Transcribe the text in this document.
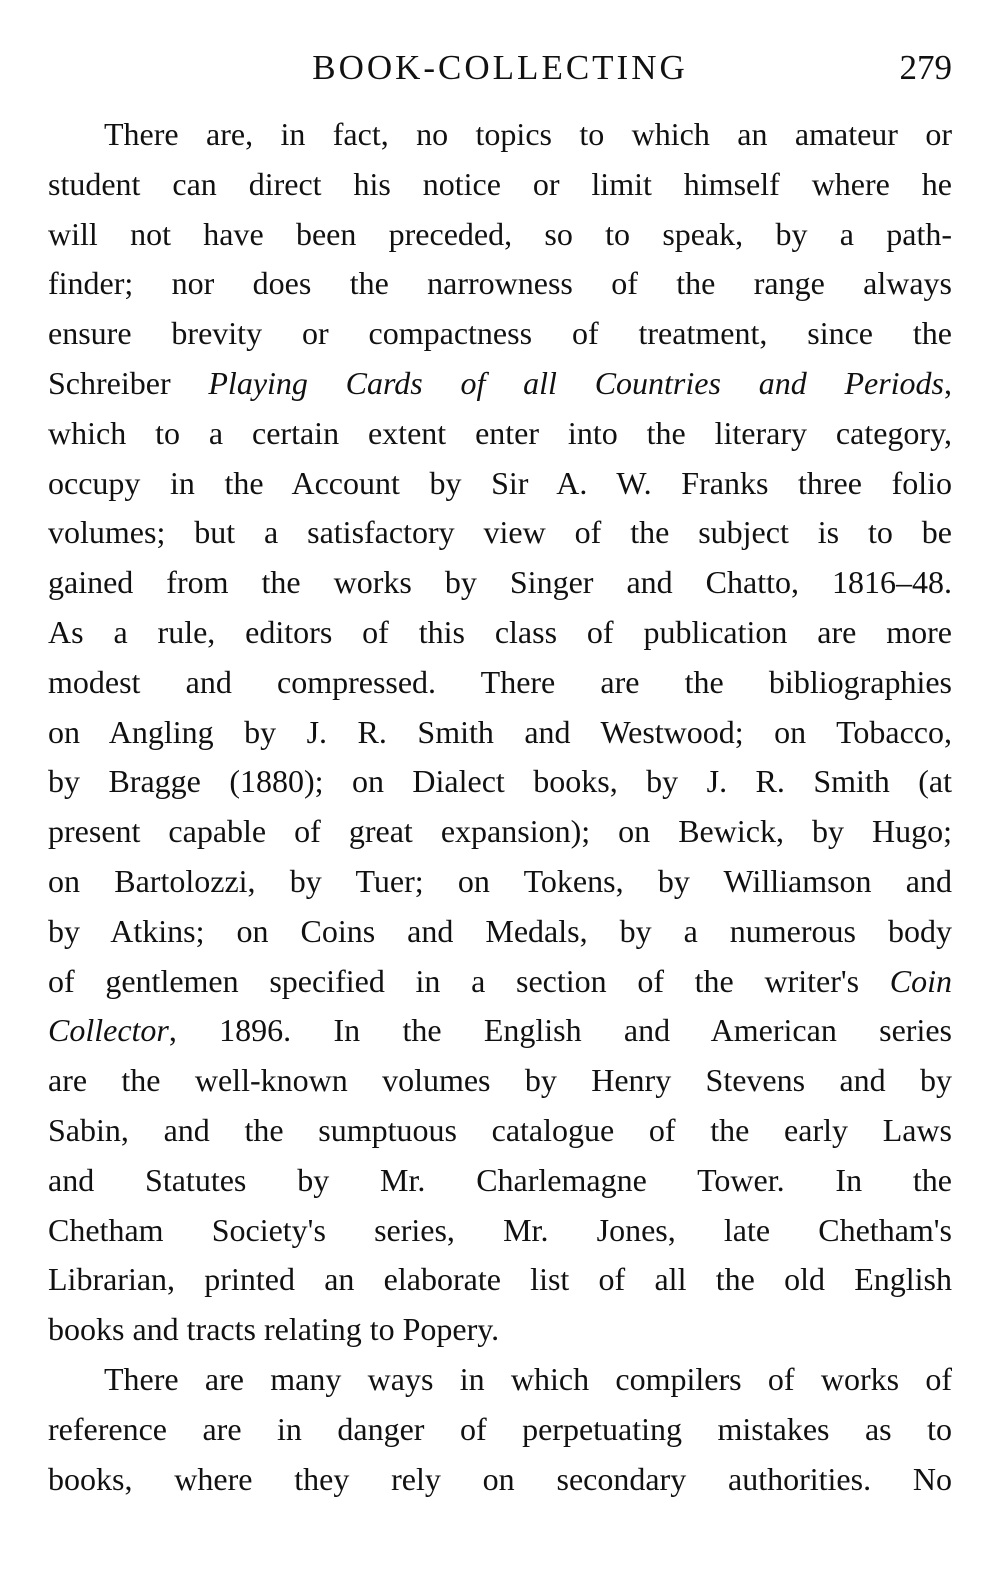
BOOK-COLLECTING	279
There are, in fact, no topics to which an amateur or
student can direct his notice or limit himself where he
will not have been preceded, so to speak, by a path-
finder; nor does the narrowness of the range always
ensure brevity or compactness of treatment, since the
Schreiber Playing Cards of all Countries and Periods,
which to a certain extent enter into the literary category,
occupy in the Account by Sir A. W. Franks three folio
volumes; but a satisfactory view of the subject is to be
gained from the works by Singer and Chatto, 1816–48.
As a rule, editors of this class of publication are more
modest and compressed. There are the bibliographies
on Angling by J. R. Smith and Westwood; on Tobacco,
by Bragge (1880); on Dialect books, by J. R. Smith (at
present capable of great expansion); on Bewick, by Hugo;
on Bartolozzi, by Tuer; on Tokens, by Williamson and
by Atkins; on Coins and Medals, by a numerous body
of gentlemen specified in a section of the writer's Coin
Collector, 1896. In the English and American series
are the well-known volumes by Henry Stevens and by
Sabin, and the sumptuous catalogue of the early Laws
and Statutes by Mr. Charlemagne Tower. In the
Chetham Society's series, Mr. Jones, late Chetham's
Librarian, printed an elaborate list of all the old English
books and tracts relating to Popery.
There are many ways in which compilers of works of
reference are in danger of perpetuating mistakes as to
books, where they rely on secondary authorities. No
